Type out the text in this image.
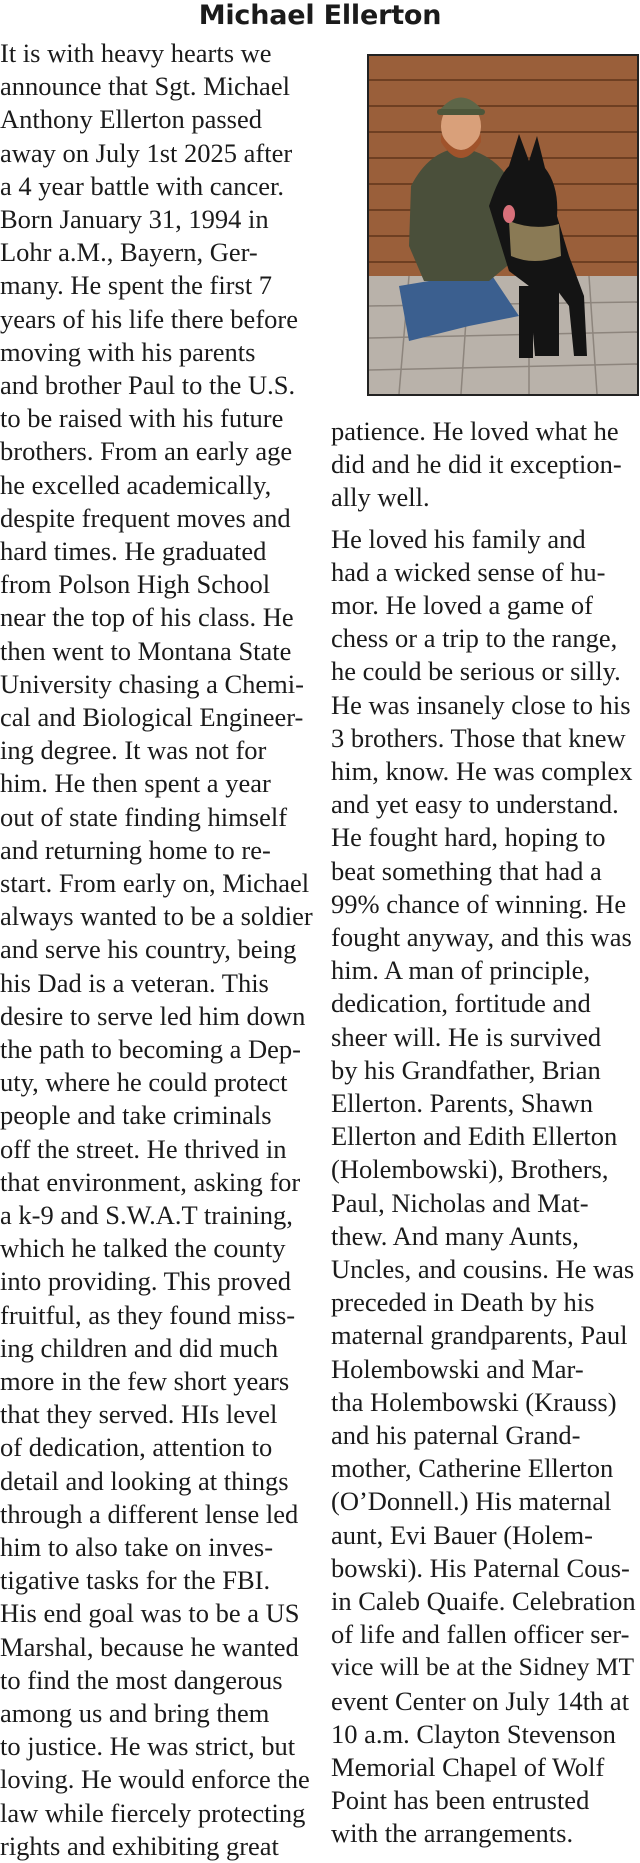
Michael Ellerton
It is with heavy hearts we
announce that Sgt. Michael
Anthony Ellerton passed
away on July 1st 2025 after
a 4 year battle with cancer.
Born January 31, 1994 in
Lohr a.M., Bayern, Ger-
many. He spent the first 7
years of his life there before
moving with his parents
and brother Paul to the U.S.
to be raised with his future
brothers. From an early age
he excelled academically,
despite frequent moves and
hard times. He graduated
from Polson High School
near the top of his class. He
then went to Montana State
University chasing a Chemi-
cal and Biological Engineer-
ing degree. It was not for
him. He then spent a year
out of state finding himself
and returning home to re-
start. From early on, Michael
always wanted to be a soldier
and serve his country, being
his Dad is a veteran. This
desire to serve led him down
the path to becoming a Dep-
uty, where he could protect
people and take criminals
off the street. He thrived in
that environment, asking for
a k-9 and S.W.A.T training,
which he talked the county
into providing. This proved
fruitful, as they found miss-
ing children and did much
more in the few short years
that they served. HIs level
of dedication, attention to
detail and looking at things
through a different lense led
him to also take on inves-
tigative tasks for the FBI.
His end goal was to be a US
Marshal, because he wanted
to find the most dangerous
among us and bring them
to justice. He was strict, but
loving. He would enforce the
law while fiercely protecting
rights and exhibiting great
patience. He loved what he
did and he did it exception-
ally well.
He loved his family and
had a wicked sense of hu-
mor. He loved a game of
chess or a trip to the range,
he could be serious or silly.
He was insanely close to his
3 brothers. Those that knew
him, know. He was complex
and yet easy to understand.
He fought hard, hoping to
beat something that had a
99% chance of winning. He
fought anyway, and this was
him. A man of principle,
dedication, fortitude and
sheer will. He is survived
by his Grandfather, Brian
Ellerton. Parents, Shawn
Ellerton and Edith Ellerton
(Holembowski), Brothers,
Paul, Nicholas and Mat-
thew. And many Aunts,
Uncles, and cousins. He was
preceded in Death by his
maternal grandparents, Paul
Holembowski and Mar-
tha Holembowski (Krauss)
and his paternal Grand-
mother, Catherine Ellerton
(O’Donnell.) His maternal
aunt, Evi Bauer (Holem-
bowski). His Paternal Cous-
in Caleb Quaife. Celebration
of life and fallen officer ser-
vice will be at the Sidney MT
event Center on July 14th at
10 a.m. Clayton Stevenson
Memorial Chapel of Wolf
Point has been entrusted
with the arrangements.
